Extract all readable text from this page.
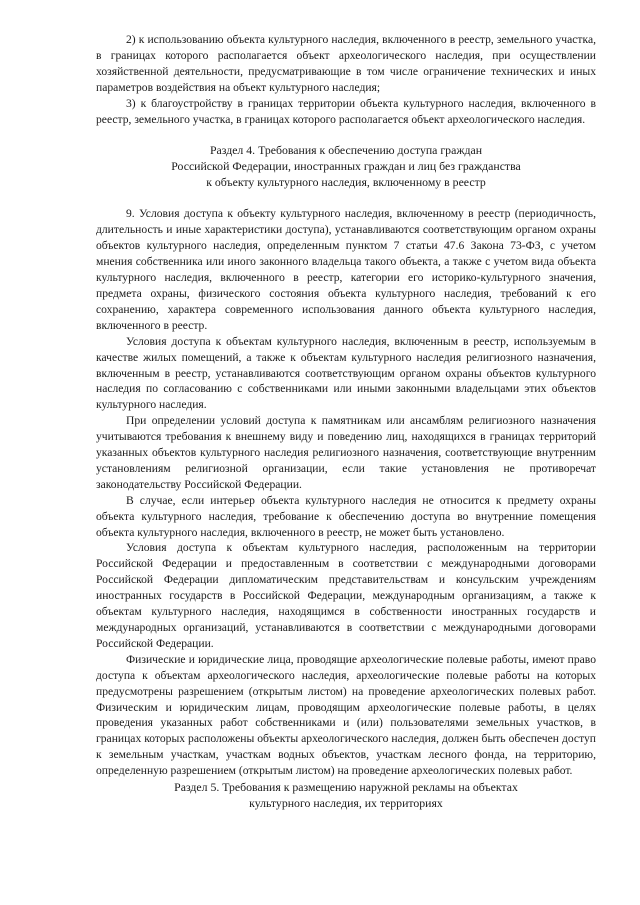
2) к использованию объекта культурного наследия, включенного в реестр, земельного участка, в границах которого располагается объект археологического наследия, при осуществлении хозяйственной деятельности, предусматривающие в том числе ограничение технических и иных параметров воздействия на объект культурного наследия;

3) к благоустройству в границах территории объекта культурного наследия, включенного в реестр, земельного участка, в границах которого располагается объект археологического наследия.

Раздел 4. Требования к обеспечению доступа граждан
Российской Федерации, иностранных граждан и лиц без гражданства
к объекту культурного наследия, включенному в реестр

9. Условия доступа к объекту культурного наследия, включенному в реестр (периодичность, длительность и иные характеристики доступа), устанавливаются соответствующим органом охраны объектов культурного наследия, определенным пунктом 7 статьи 47.6 Закона 73-ФЗ, с учетом мнения собственника или иного законного владельца такого объекта, а также с учетом вида объекта культурного наследия, включенного в реестр, категории его историко-культурного значения, предмета охраны, физического состояния объекта культурного наследия, требований к его сохранению, характера современного использования данного объекта культурного наследия, включенного в реестр.

Условия доступа к объектам культурного наследия, включенным в реестр, используемым в качестве жилых помещений, а также к объектам культурного наследия религиозного назначения, включенным в реестр, устанавливаются соответствующим органом охраны объектов культурного наследия по согласованию с собственниками или иными законными владельцами этих объектов культурного наследия.

При определении условий доступа к памятникам или ансамблям религиозного назначения учитываются требования к внешнему виду и поведению лиц, находящихся в границах территорий указанных объектов культурного наследия религиозного назначения, соответствующие внутренним установлениям религиозной организации, если такие установления не противоречат законодательству Российской Федерации.

В случае, если интерьер объекта культурного наследия не относится к предмету охраны объекта культурного наследия, требование к обеспечению доступа во внутренние помещения объекта культурного наследия, включенного в реестр, не может быть установлено.

Условия доступа к объектам культурного наследия, расположенным на территории Российской Федерации и предоставленным в соответствии с международными договорами Российской Федерации дипломатическим представительствам и консульским учреждениям иностранных государств в Российской Федерации, международным организациям, а также к объектам культурного наследия, находящимся в собственности иностранных государств и международных организаций, устанавливаются в соответствии с международными договорами Российской Федерации.

Физические и юридические лица, проводящие археологические полевые работы, имеют право доступа к объектам археологического наследия, археологические полевые работы на которых предусмотрены разрешением (открытым листом) на проведение археологических полевых работ. Физическим и юридическим лицам, проводящим археологические полевые работы, в целях проведения указанных работ собственниками и (или) пользователями земельных участков, в границах которых расположены объекты археологического наследия, должен быть обеспечен доступ к земельным участкам, участкам водных объектов, участкам лесного фонда, на территорию, определенную разрешением (открытым листом) на проведение археологических полевых работ.

Раздел 5. Требования к размещению наружной рекламы на объектах
культурного наследия, их территориях
